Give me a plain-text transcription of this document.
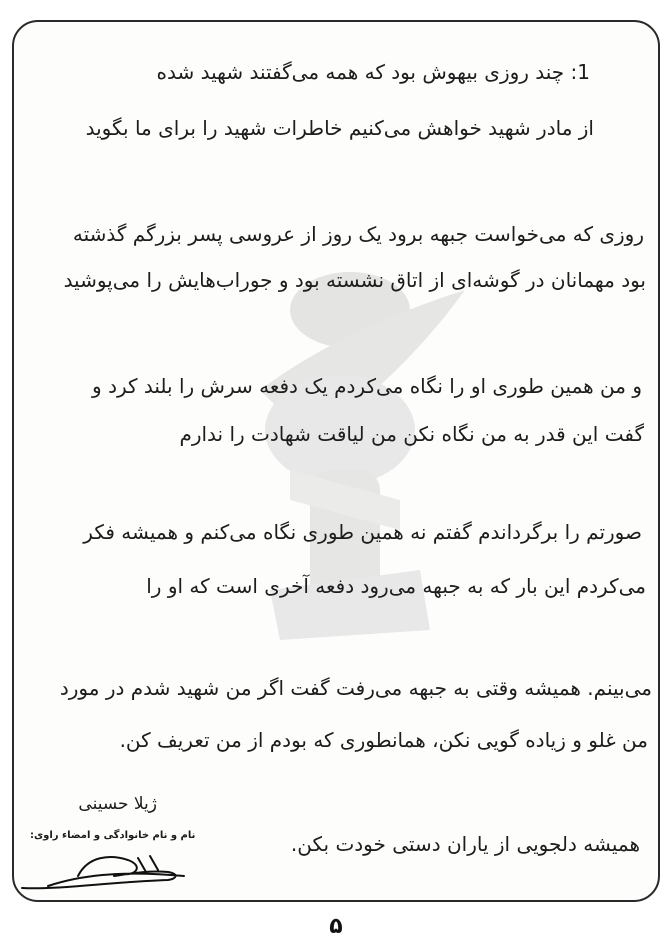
1: چند روزی بیهوش بود که همه می‌گفتند شهید شده
از مادر شهید خواهش می‌کنیم خاطرات شهید را برای ما بگوید
روزی که می‌خواست جبهه برود یک روز از عروسی پسر بزرگم گذشته
بود مهمانان در گوشه‌ای از اتاق نشسته بود و جوراب‌هایش را می‌پوشید
و من همین طوری او را نگاه می‌کردم یک دفعه سرش را بلند کرد و
گفت این قدر به من نگاه نکن من لیاقت شهادت را ندارم
صورتم را برگرداندم گفتم نه همین طوری نگاه می‌کنم و همیشه فکر
می‌کردم این بار که به جبهه می‌رود دفعه آخری است که او را
می‌بینم. همیشه وقتی به جبهه می‌رفت گفت اگر من شهید شدم در مورد
من غلو و زیاده گویی نکن، همانطوری که بودم از من تعریف کن.
همیشه دلجویی از یاران دستی خودت بکن.
ژیلا حسینی
نام و نام خانوادگی و امضاء راوی:
۵
